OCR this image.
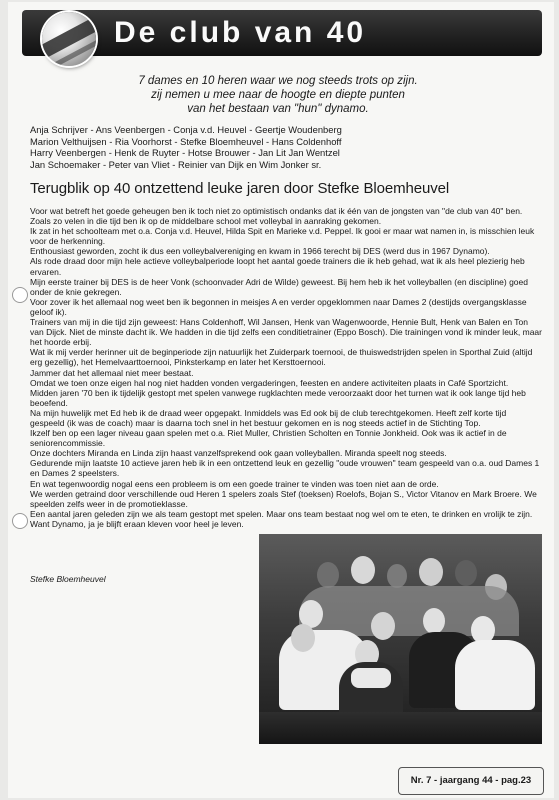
De club van 40
7 dames en 10 heren waar we nog steeds trots op zijn.
zij nemen u mee naar de hoogte en diepte punten
van het bestaan van "hun" dynamo.
Anja Schrijver - Ans Veenbergen - Conja v.d. Heuvel - Geertje Woudenberg
Marion Velthuijsen - Ria Voorhorst - Stefke Bloemheuvel - Hans Coldenhoff
Harry Veenbergen - Henk de Ruyter - Hotse Brouwer - Jan Lit Jan Wentzel
Jan Schoemaker - Peter van Vliet - Reinier van Dijk en Wim Jonker sr.
Terugblik op 40 ontzettend leuke jaren door Stefke Bloemheuvel

Voor wat betreft het goede geheugen ben ik toch niet zo optimistisch ondanks dat ik één van de jongsten van "de club van 40" ben.

Zoals zo velen in die tijd ben ik op de middelbare school met volleybal in aanraking gekomen.

Ik zat in het schoolteam met o.a. Conja v.d. Heuvel, Hilda Spit en Marieke v.d. Peppel. Ik gooi er maar wat namen in, is misschien leuk voor de herkenning.

Enthousiast geworden, zocht ik dus een volleybalvereniging en kwam in 1966 terecht bij DES (werd dus in 1967 Dynamo).

Als rode draad door mijn hele actieve volleybalperiode loopt het aantal goede trainers die ik heb gehad, wat ik als heel plezierig heb ervaren.

Mijn eerste trainer bij DES is de heer Vonk (schoonvader Adri de Wilde) geweest. Bij hem heb ik het volleyballen (en discipline) goed onder de knie gekregen.

Voor zover ik het allemaal nog weet ben ik begonnen in meisjes A en verder opgeklommen naar Dames 2 (destijds overgangsklasse geloof ik).

Trainers van mij in die tijd zijn geweest: Hans Coldenhoff, Wil Jansen, Henk van Wagenwoorde, Hennie Bult, Henk van Balen en Ton van Dijck. Niet de minste dacht ik. We hadden in die tijd zelfs een conditietrainer (Eppo Bosch). Die trainingen vond ik minder leuk, maar het hoorde erbij.

Wat ik mij verder herinner uit de beginperiode zijn natuurlijk het Zuiderpark toernooi, de thuiswedstrijden spelen in Sporthal Zuid (altijd erg gezellig), het Hemelvaarttoernooi, Pinksterkamp en later het Kersttoernooi.

Jammer dat het allemaal niet meer bestaat.

Omdat we toen onze eigen hal nog niet hadden vonden vergaderingen, feesten en andere activiteiten plaats in Café Sportzicht.

Midden jaren '70 ben ik tijdelijk gestopt met spelen vanwege rugklachten mede veroorzaakt door het turnen wat ik ook lange tijd heb beoefend.

Na mijn huwelijk met Ed heb ik de draad weer opgepakt. Inmiddels was Ed ook bij de club terechtgekomen. Heeft zelf korte tijd gespeeld (ik was de coach) maar is daarna toch snel in het bestuur gekomen en is nog steeds actief in de Stichting Top.

Ikzelf ben op een lager niveau gaan spelen met o.a. Riet Muller, Christien Scholten en Tonnie Jonkheid. Ook was ik actief in de seniorencommissie.

Onze dochters Miranda en Linda zijn haast vanzelfsprekend ook gaan volleyballen. Miranda speelt nog steeds.

Gedurende mijn laatste 10 actieve jaren heb ik in een ontzettend leuk en gezellig "oude vrouwen" team gespeeld van o.a. oud Dames 1 en Dames 2 speelsters.

En wat tegenwoordig nogal eens een probleem is om een goede trainer te vinden was toen niet aan de orde.

We werden getraind door verschillende oud Heren 1 spelers zoals Stef (toeksen) Roelofs, Bojan S., Victor Vitanov en Mark Broere. We speelden zelfs weer in de promotieklasse.

Een aantal jaren geleden zijn we als team gestopt met spelen. Maar ons team bestaat nog wel om te eten, te drinken en vrolijk te zijn.

Want Dynamo, ja je blijft eraan kleven voor heel je leven.

Stefke Bloemheuvel

Nr. 7 - jaargang 44 - pag.23
